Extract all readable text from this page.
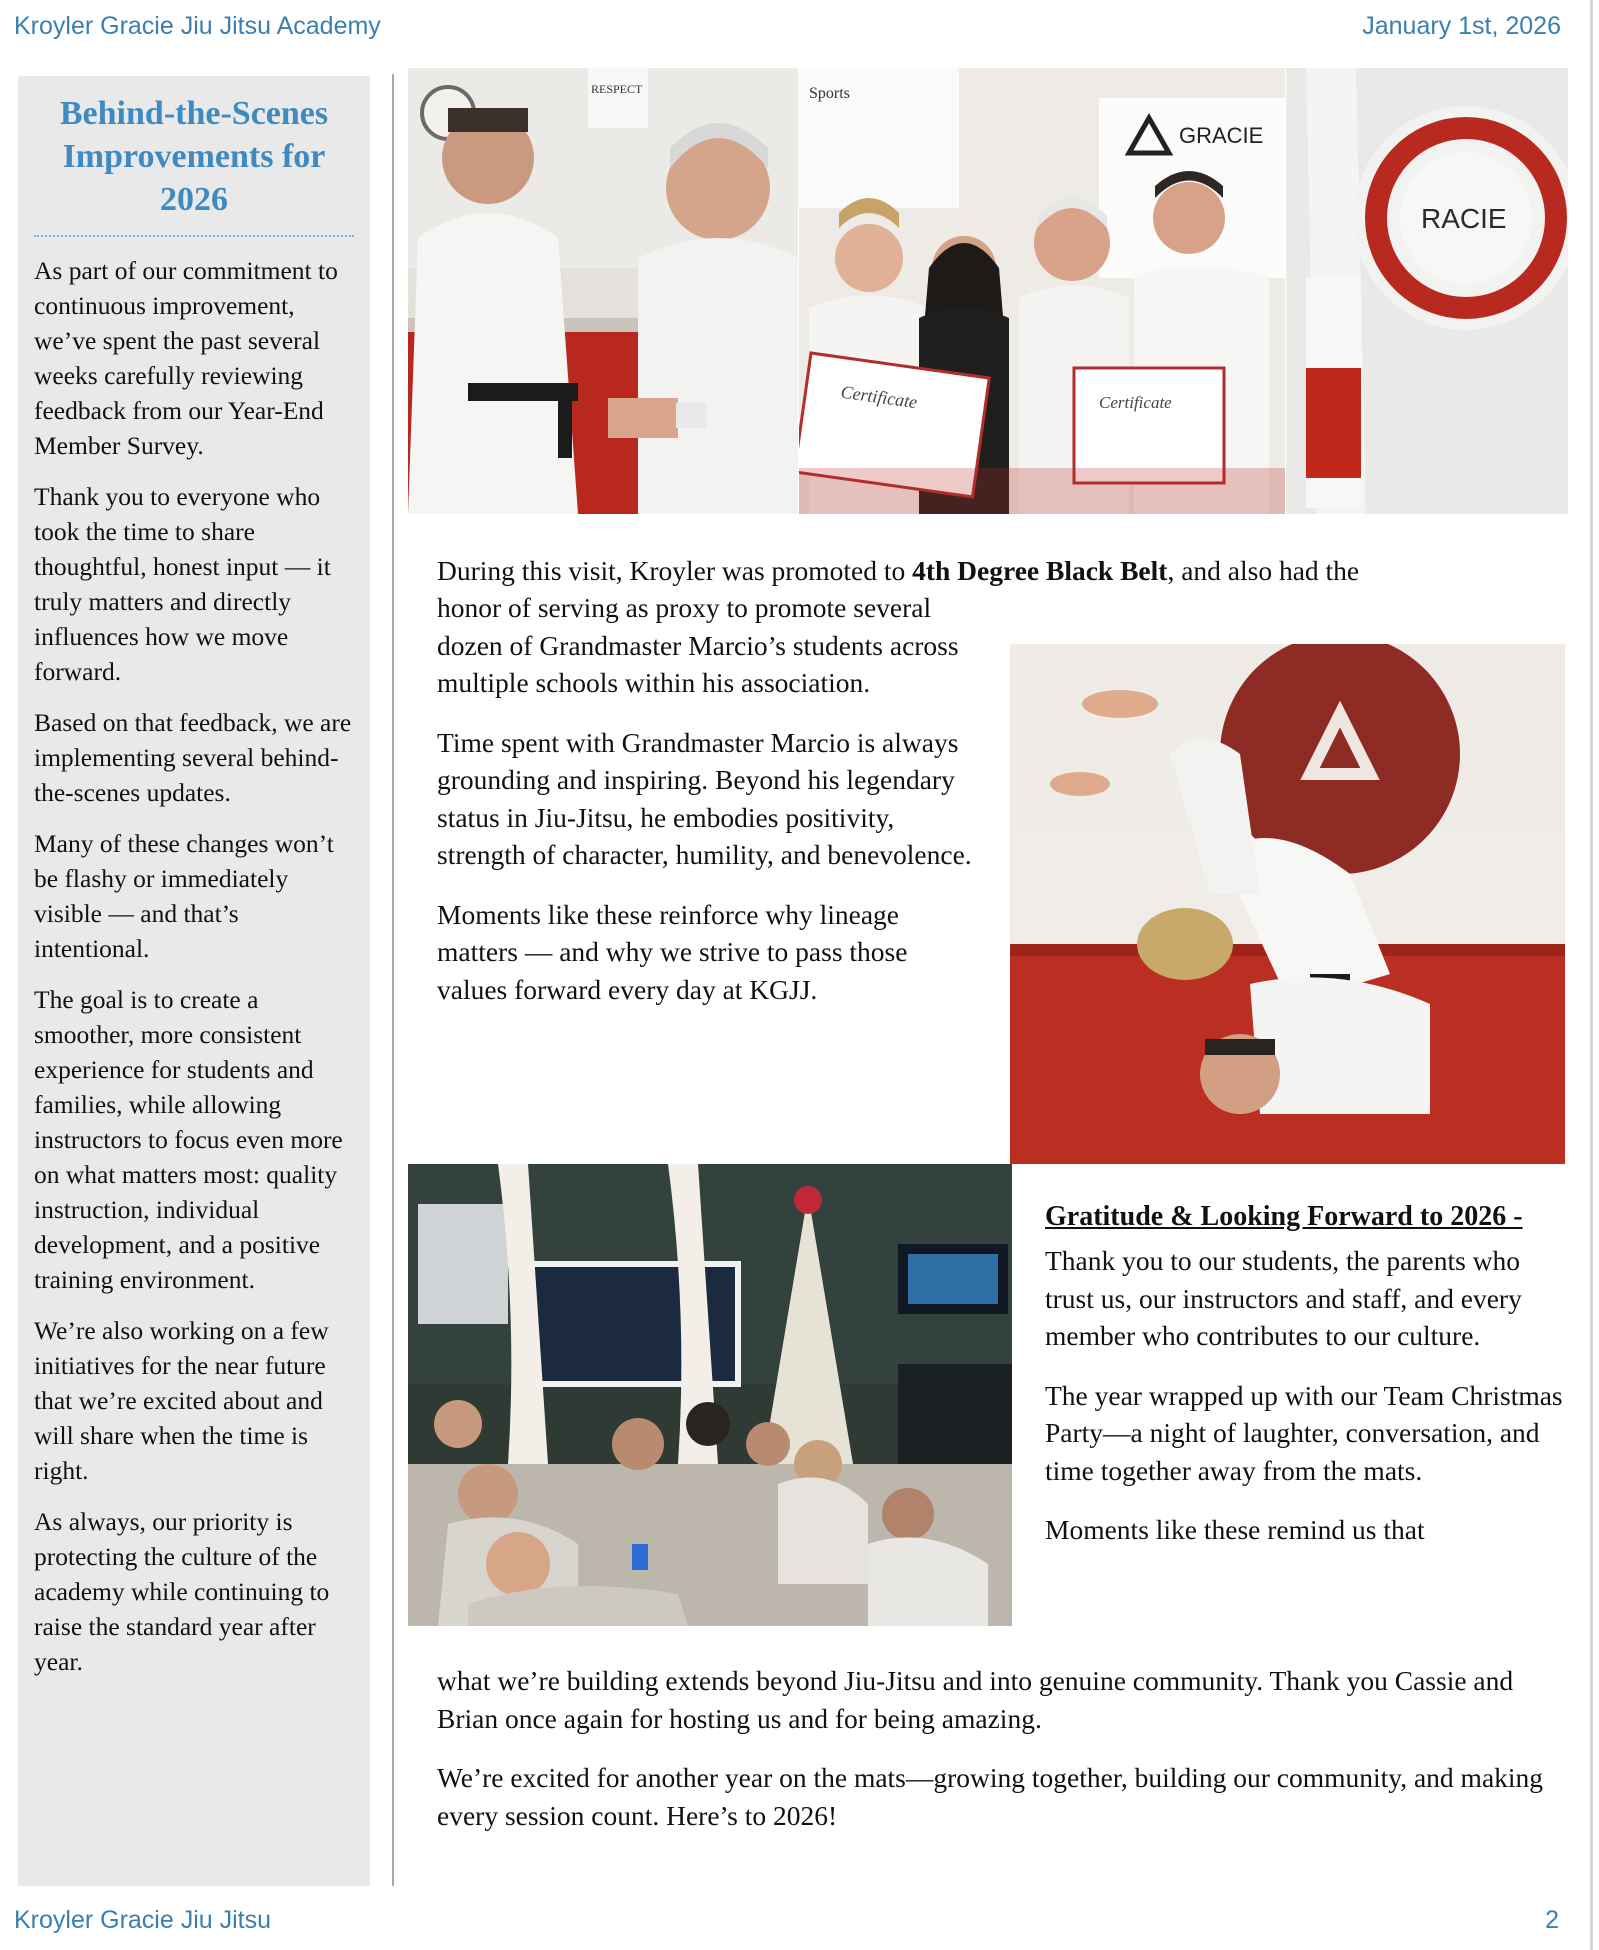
Kroyler Gracie Jiu Jitsu Academy	January 1st, 2026
Behind-the-Scenes Improvements for 2026

As part of our commitment to continuous improvement, we’ve spent the past several weeks carefully reviewing feedback from our Year-End Member Survey.

Thank you to everyone who took the time to share thoughtful, honest input — it truly matters and directly influences how we move forward.

Based on that feedback, we are implementing several behind-the-scenes updates.

Many of these changes won’t be flashy or immediately visible — and that’s intentional.

The goal is to create a smoother, more consistent experience for students and families, while allowing instructors to focus even more on what matters most: quality instruction, individual development, and a positive training environment.

We’re also working on a few initiatives for the near future that we’re excited about and will share when the time is right.

As always, our priority is protecting the culture of the academy while continuing to raise the standard year after year.

RESPECT	Sports
GRACIE
Certificate	Certificate
RACIE

During this visit, Kroyler was promoted to 4th Degree Black Belt, and also had the

honor of serving as proxy to promote several dozen of Grandmaster Marcio’s students across multiple schools within his association.

Time spent with Grandmaster Marcio is always grounding and inspiring. Beyond his legendary status in Jiu-Jitsu, he embodies positivity, strength of character, humility, and benevolence.

Moments like these reinforce why lineage matters — and why we strive to pass those values forward every day at KGJJ.

Gratitude & Looking Forward to 2026 -

Thank you to our students, the parents who trust us, our instructors and staff, and every member who contributes to our culture.

The year wrapped up with our Team Christmas Party—a night of laughter, conversation, and time together away from the mats.

Moments like these remind us that

what we’re building extends beyond Jiu-Jitsu and into genuine community. Thank you Cassie and Brian once again for hosting us and for being amazing.

We’re excited for another year on the mats—growing together, building our community, and making every session count. Here’s to 2026!

Kroyler Gracie Jiu Jitsu	2
